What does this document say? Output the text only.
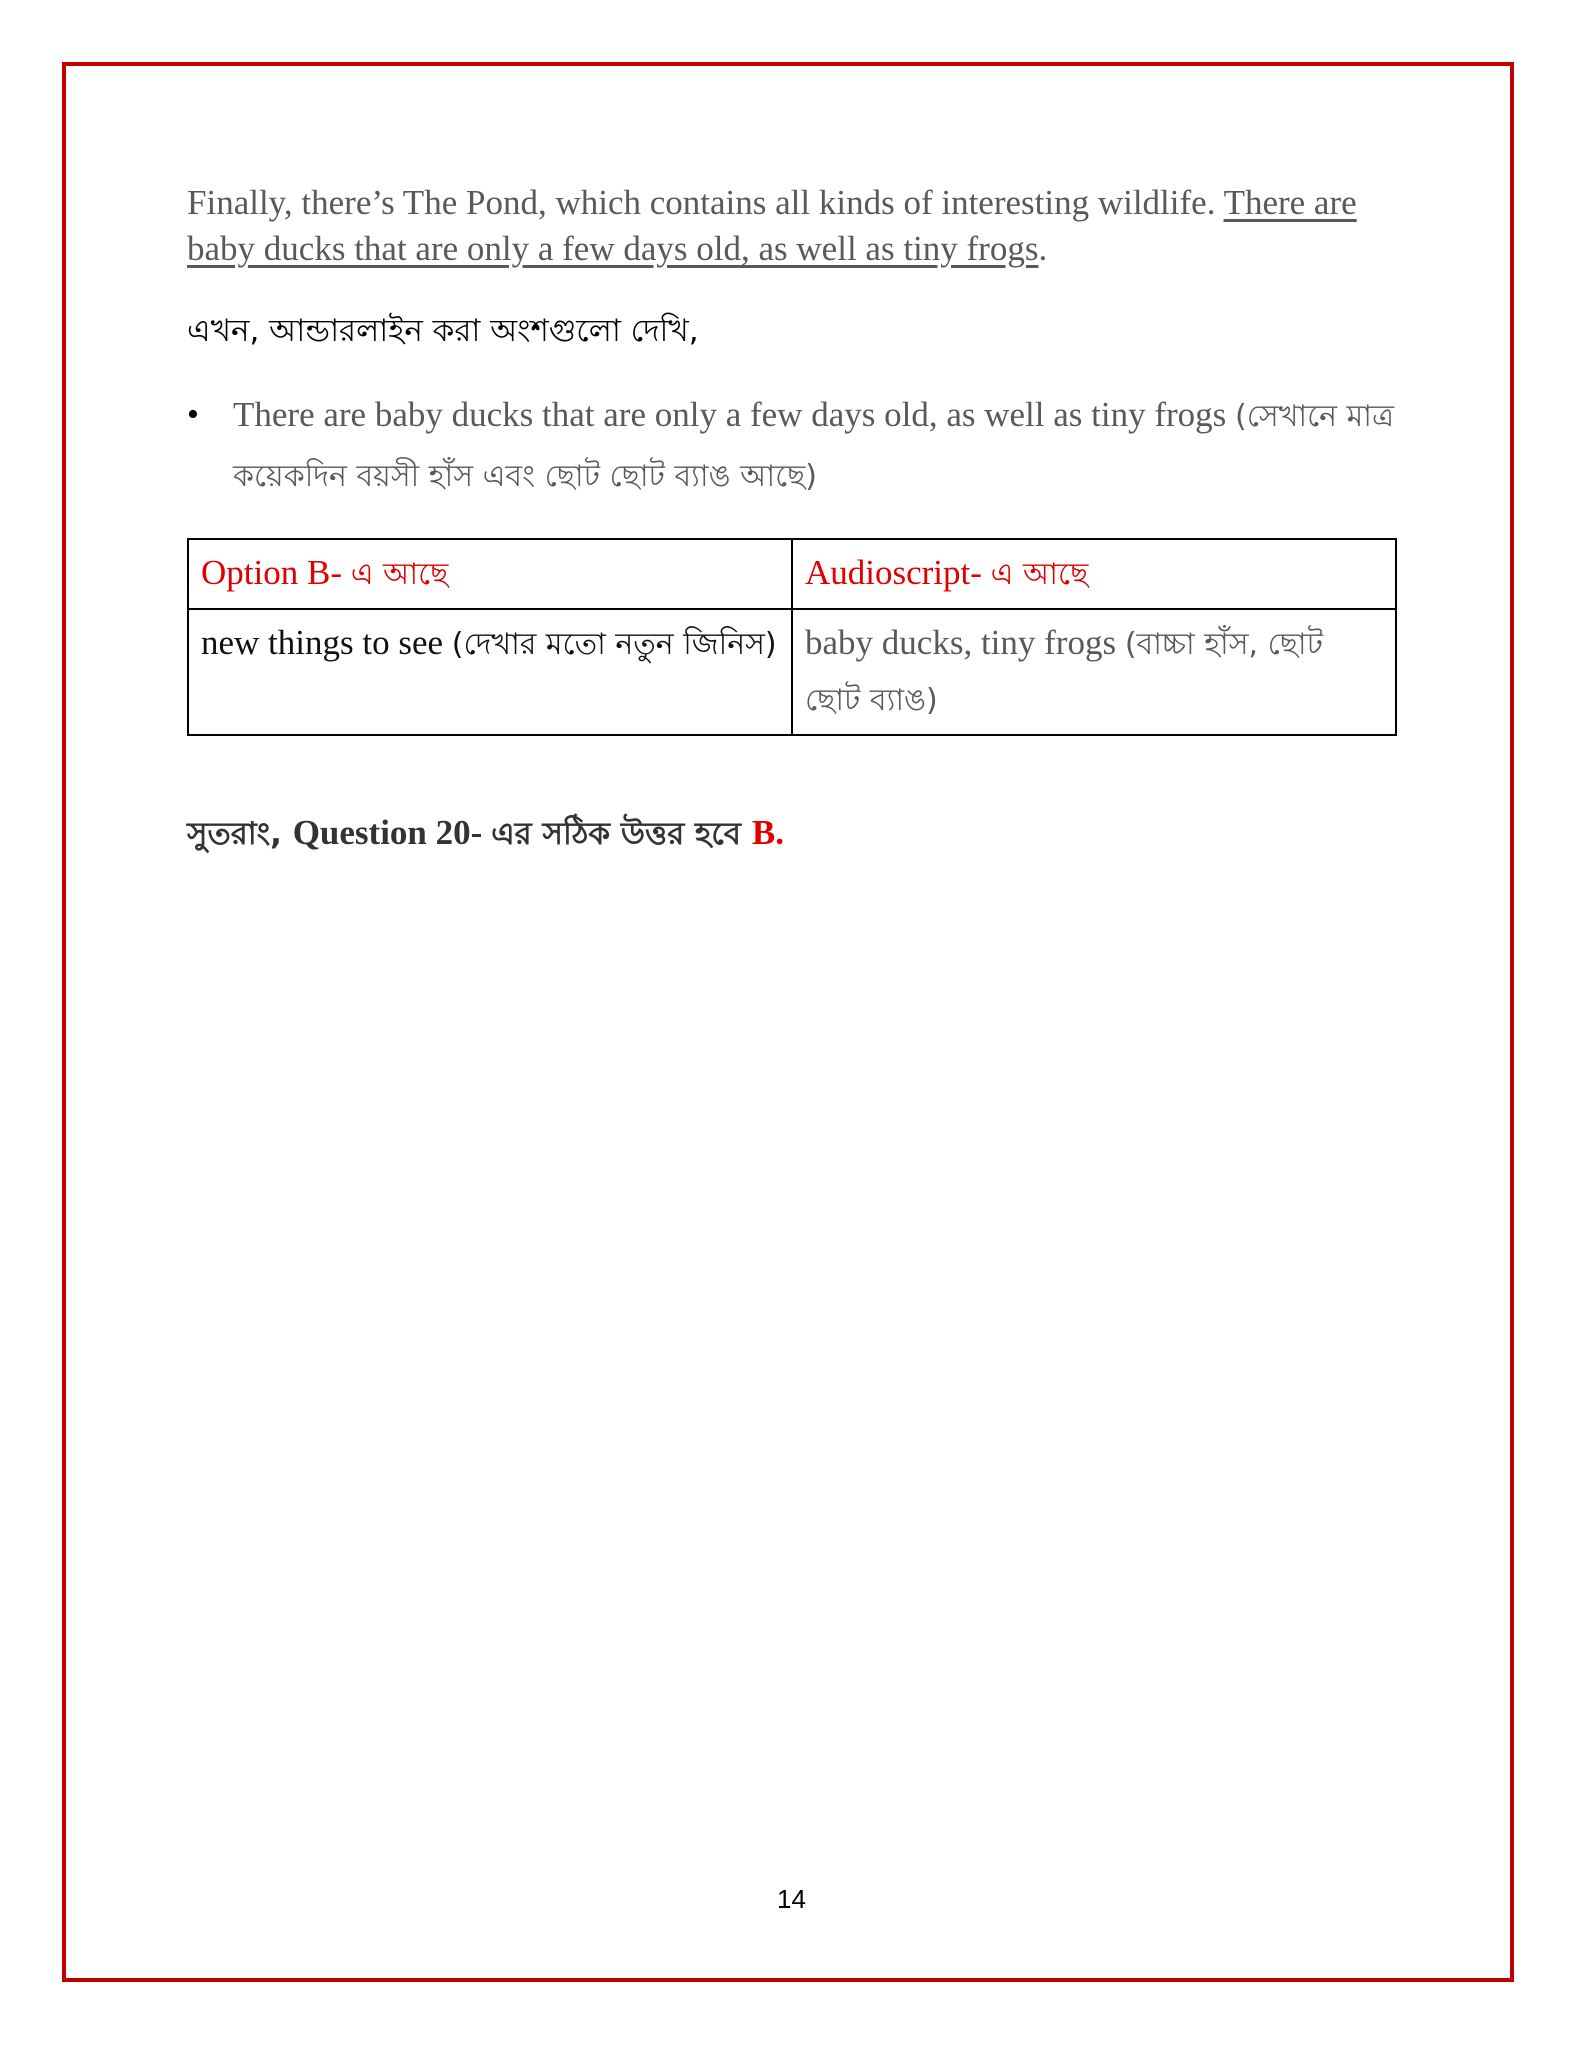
Finally, there’s The Pond, which contains all kinds of interesting wildlife. There are baby ducks that are only a few days old, as well as tiny frogs.

এখন, আন্ডারলাইন করা অংশগুলো দেখি,
• There are baby ducks that are only a few days old, as well as tiny frogs (সেখানে মাত্র কয়েকদিন বয়সী হাঁস এবং ছোট ছোট ব্যাঙ আছে)
Option B- এ আছে	Audioscript- এ আছে
new things to see (দেখার মতো নতুন জিনিস)	baby ducks, tiny frogs (বাচ্চা হাঁস, ছোট ছোট ব্যাঙ)
সুতরাং, Question 20- এর সঠিক উত্তর হবে B.
14
